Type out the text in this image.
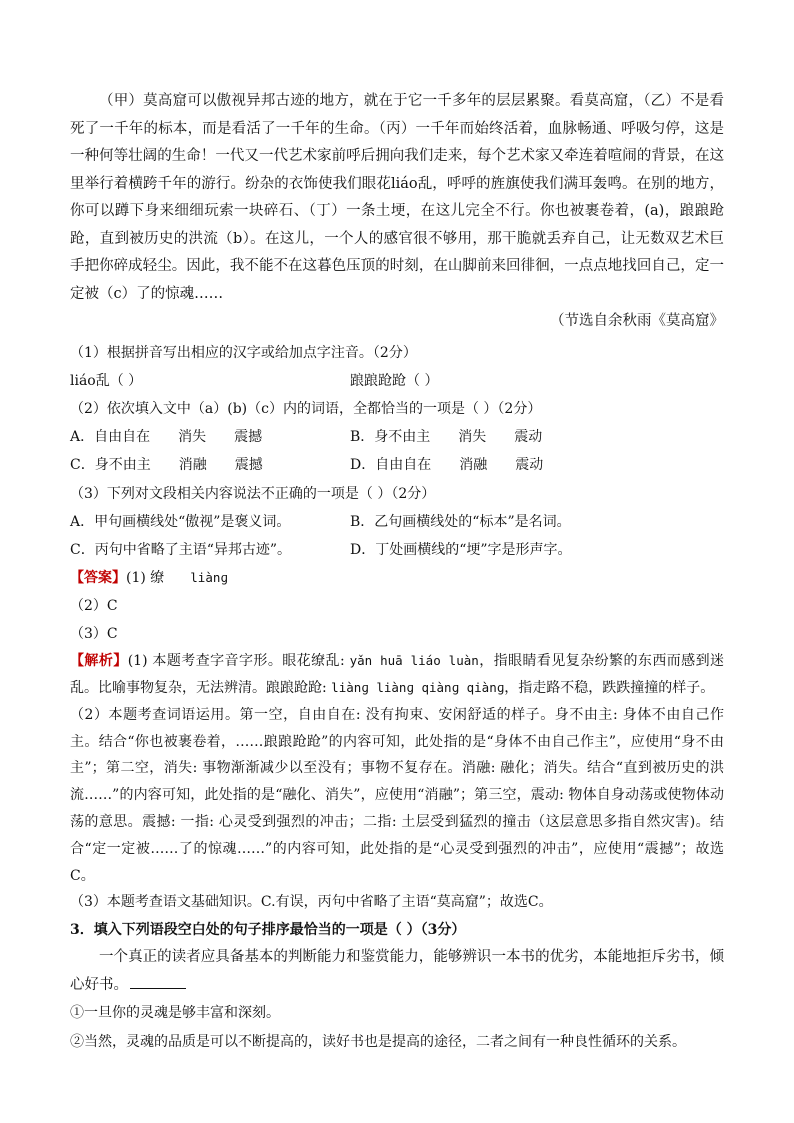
（甲）莫高窟可以傲视异邦古迹的地方，就在于它一千多年的层层累聚。看莫高窟，（乙）不是看死了一千年的标本，而是看活了一千年的生命。（丙）一千年而始终活着，血脉畅通、呼吸匀停，这是一种何等壮阔的生命！一代又一代艺术家前呼后拥向我们走来，每个艺术家又牵连着喧闹的背景，在这里举行着横跨千年的游行。纷杂的衣饰使我们眼花liáo乱，呼呼的旌旗使我们满耳轰鸣。在别的地方，你可以蹲下身来细细玩索一块碎石、（丁）一条土埂，在这儿完全不行。你也被裹卷着，(a)，踉踉跄跄，直到被历史的洪流（b）。在这儿，一个人的感官很不够用，那干脆就丢弃自己，让无数双艺术巨手把你碎成轻尘。因此，我不能不在这暮色压顶的时刻，在山脚前来回徘徊，一点点地找回自己，定一定被（c）了的惊魂……

（节选自余秋雨《莫高窟》

（1）根据拼音写出相应的汉字或给加点字注音。（2分）

liáo乱（ ）	踉踉跄跄（ ）

（2）依次填入文中（a）(b)（c）内的词语，全都恰当的一项是（ ）（2分）

A．自由自在　　消失　　震撼	B．身不由主　　消失　　震动
C．身不由主　　消融　　震撼	D．自由自在　　消融　　震动

（3）下列对文段相关内容说法不正确的一项是（ ）（2分）

A．甲句画横线处“傲视”是褒义词。	B．乙句画横线处的“标本”是名词。
C．丙句中省略了主语“异邦古迹”。	D．丁处画横线的“埂”字是形声字。

【答案】(1) 缭 liànɡ

（2）C

（3）C

【解析】(1) 本题考查字音字形。眼花缭乱: yǎn huā liáo luàn，指眼睛看见复杂纷繁的东西而感到迷乱。比喻事物复杂，无法辨清。踉踉跄跄: liànɡ liànɡ qiànɡ qiànɡ，指走路不稳，跌跌撞撞的样子。

（2）本题考查词语运用。第一空，自由自在: 没有拘束、安闲舒适的样子。身不由主: 身体不由自己作主。结合“你也被裹卷着，……踉踉跄跄”的内容可知，此处指的是“身体不由自己作主”，应使用“身不由主”；第二空，消失: 事物渐渐减少以至没有；事物不复存在。消融: 融化；消失。结合“直到被历史的洪流……”的内容可知，此处指的是“融化、消失”，应使用“消融”；第三空，震动: 物体自身动荡或使物体动荡的意思。震撼: 一指: 心灵受到强烈的冲击；二指: 土层受到猛烈的撞击（这层意思多指自然灾害)。结合“定一定被……了的惊魂……”的内容可知，此处指的是“心灵受到强烈的冲击”，应使用“震撼”；故选C。

（3）本题考查语文基础知识。C.有误，丙句中省略了主语“莫高窟”；故选C。

3．填入下列语段空白处的句子排序最恰当的一项是（ ）（3分）

一个真正的读者应具备基本的判断能力和鉴赏能力，能够辨识一本书的优劣，本能地拒斥劣书，倾心好书。

①一旦你的灵魂是够丰富和深刻。

②当然，灵魂的品质是可以不断提高的，读好书也是提高的途径，二者之间有一种良性循环的关系。
